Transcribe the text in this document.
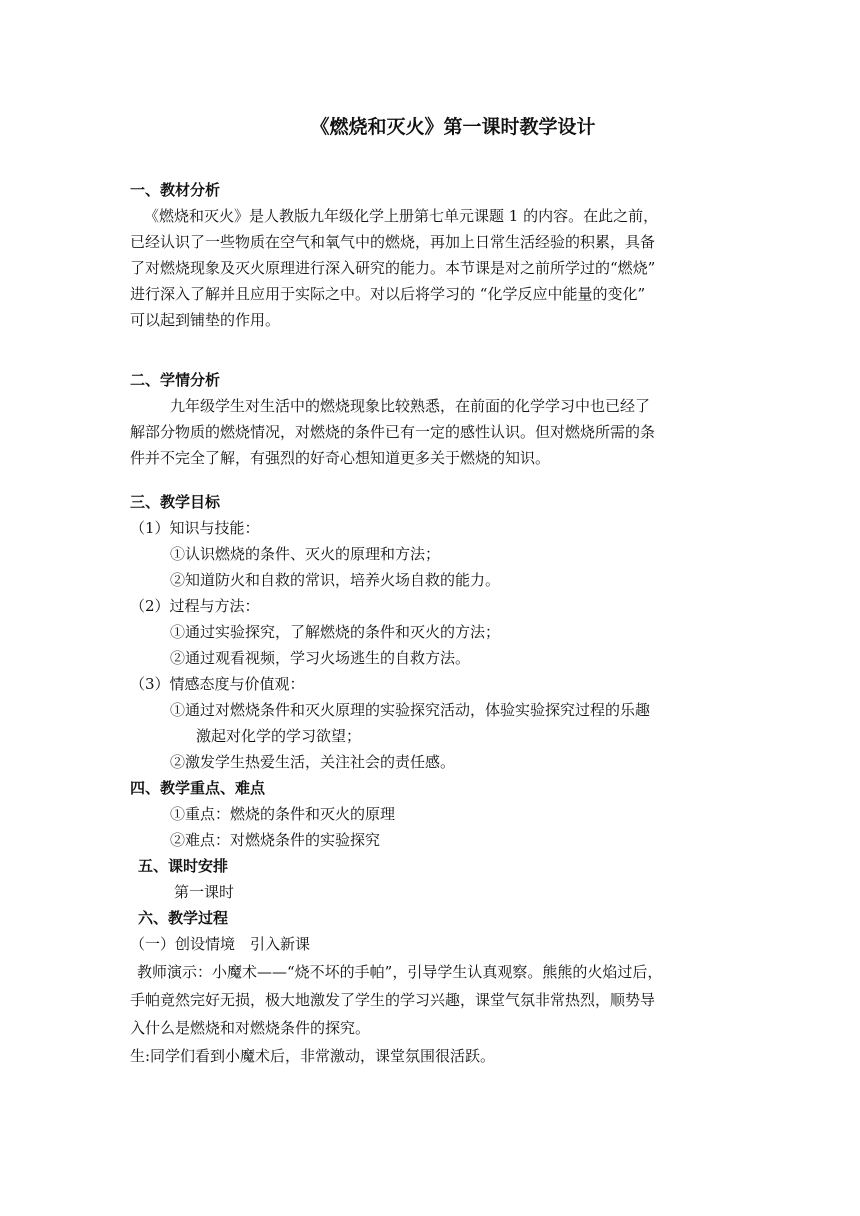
《燃烧和灭火》第一课时教学设计
一、教材分析
《燃烧和灭火》是人教版九年级化学上册第七单元课题 1 的内容。在此之前，
已经认识了一些物质在空气和氧气中的燃烧，再加上日常生活经验的积累，具备
了对燃烧现象及灭火原理进行深入研究的能力。本节课是对之前所学过的“燃烧”
进行深入了解并且应用于实际之中。对以后将学习的 “化学反应中能量的变化”
可以起到铺垫的作用。
二、学情分析
九年级学生对生活中的燃烧现象比较熟悉，在前面的化学学习中也已经了
解部分物质的燃烧情况，对燃烧的条件已有一定的感性认识。但对燃烧所需的条
件并不完全了解，有强烈的好奇心想知道更多关于燃烧的知识。
三、教学目标
（1）知识与技能：
①认识燃烧的条件、灭火的原理和方法；
②知道防火和自救的常识，培养火场自救的能力。
（2）过程与方法：
①通过实验探究，了解燃烧的条件和灭火的方法；
②通过观看视频，学习火场逃生的自救方法。
（3）情感态度与价值观：
①通过对燃烧条件和灭火原理的实验探究活动，体验实验探究过程的乐趣
激起对化学的学习欲望；
②激发学生热爱生活，关注社会的责任感。
四、教学重点、难点
①重点：燃烧的条件和灭火的原理
②难点：对燃烧条件的实验探究
五、课时安排
第一课时
六、教学过程
（一）创设情境　引入新课
教师演示：小魔术——“烧不坏的手帕”，引导学生认真观察。熊熊的火焰过后，
手帕竟然完好无损，极大地激发了学生的学习兴趣，课堂气氛非常热烈，顺势导
入什么是燃烧和对燃烧条件的探究。
生:同学们看到小魔术后，非常激动，课堂氛围很活跃。
